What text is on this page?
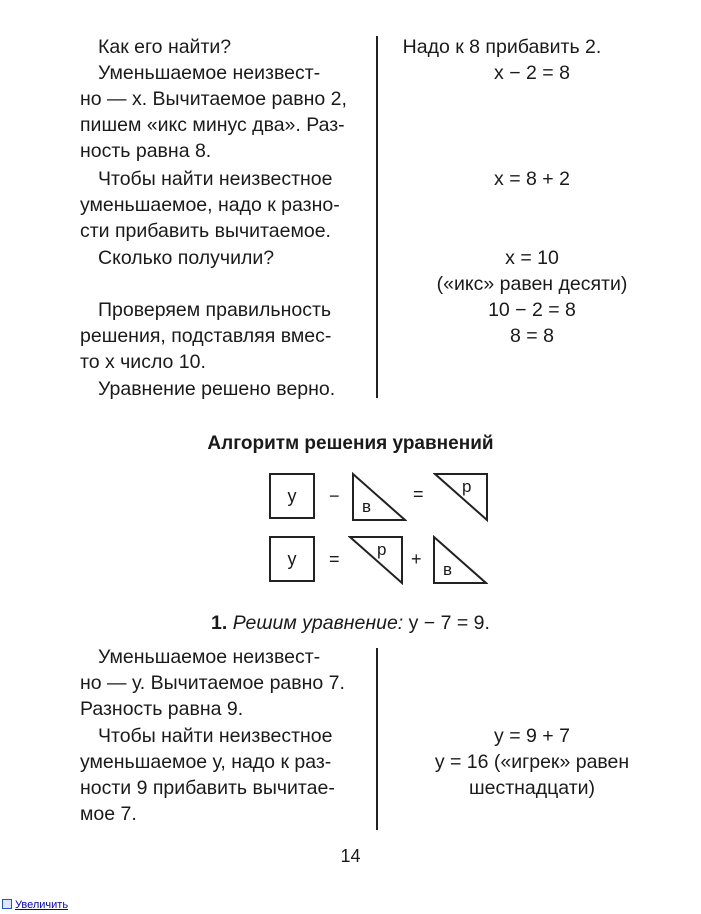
Как его найти?
Уменьшаемое неизвест-
но — x. Вычитаемое равно 2,
пишем «икс минус два». Раз-
ность равна 8.
Чтобы найти неизвестное
уменьшаемое, надо к разно-
сти прибавить вычитаемое.
Сколько получили?
Проверяем правильность
решения, подставляя вмес-
то x число 10.
Уравнение решено верно.
Надо к 8 прибавить 2.
x − 2 = 8
x = 8 + 2
x = 10
(«икс» равен десяти)
10 − 2 = 8
8 = 8
Алгоритм решения уравнений
у	−
в
= р
у	= р +
в
1. Решим уравнение: у − 7 = 9.
Уменьшаемое неизвест-
но — у. Вычитаемое равно 7.
Разность равна 9.
Чтобы найти неизвестное
уменьшаемое у, надо к раз-
ности 9 прибавить вычитае-
мое 7.
у = 9 + 7
у = 16 («игрек» равен
шестнадцати)
14
Увеличить
